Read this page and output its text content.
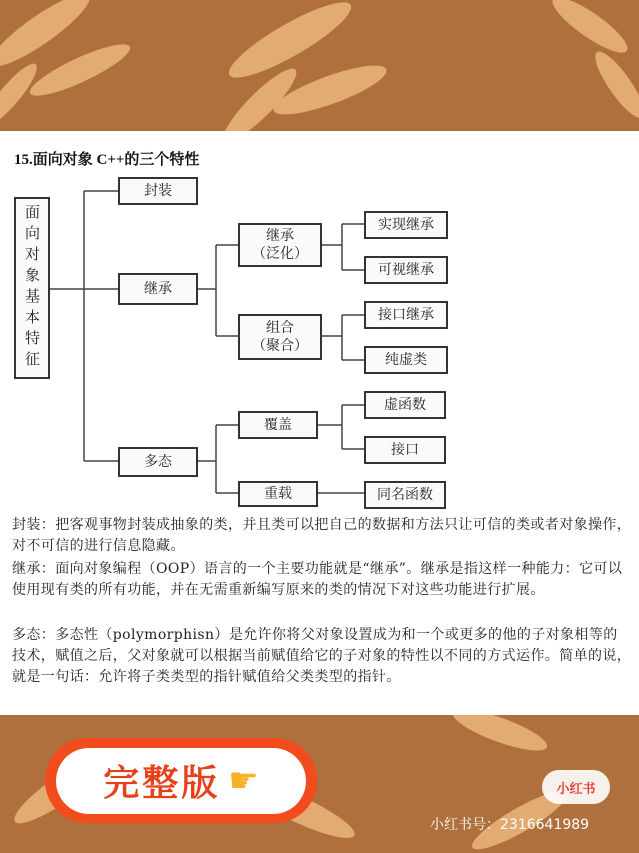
15.面向对象 C++的三个特性
面向对象基本特征
封装
继承
多态
继承
（泛化）
组合
（聚合）
覆盖
重载
实现继承
可视继承
接口继承
纯虚类
虚函数
接口
同名函数
封装：把客观事物封装成抽象的类，并且类可以把自己的数据和方法只让可信的类或者对象操作，对不可信的进行信息隐藏。
继承：面向对象编程（OOP）语言的一个主要功能就是“继承”。继承是指这样一种能力：它可以使用现有类的所有功能，并在无需重新编写原来的类的情况下对这些功能进行扩展。
多态：多态性（polymorphisn）是允许你将父对象设置成为和一个或更多的他的子对象相等的技术，赋值之后，父对象就可以根据当前赋值给它的子对象的特性以不同的方式运作。简单的说，就是一句话：允许将子类类型的指针赋值给父类类型的指针。
完整版 ☛	小红书
小红书号：2316641989
